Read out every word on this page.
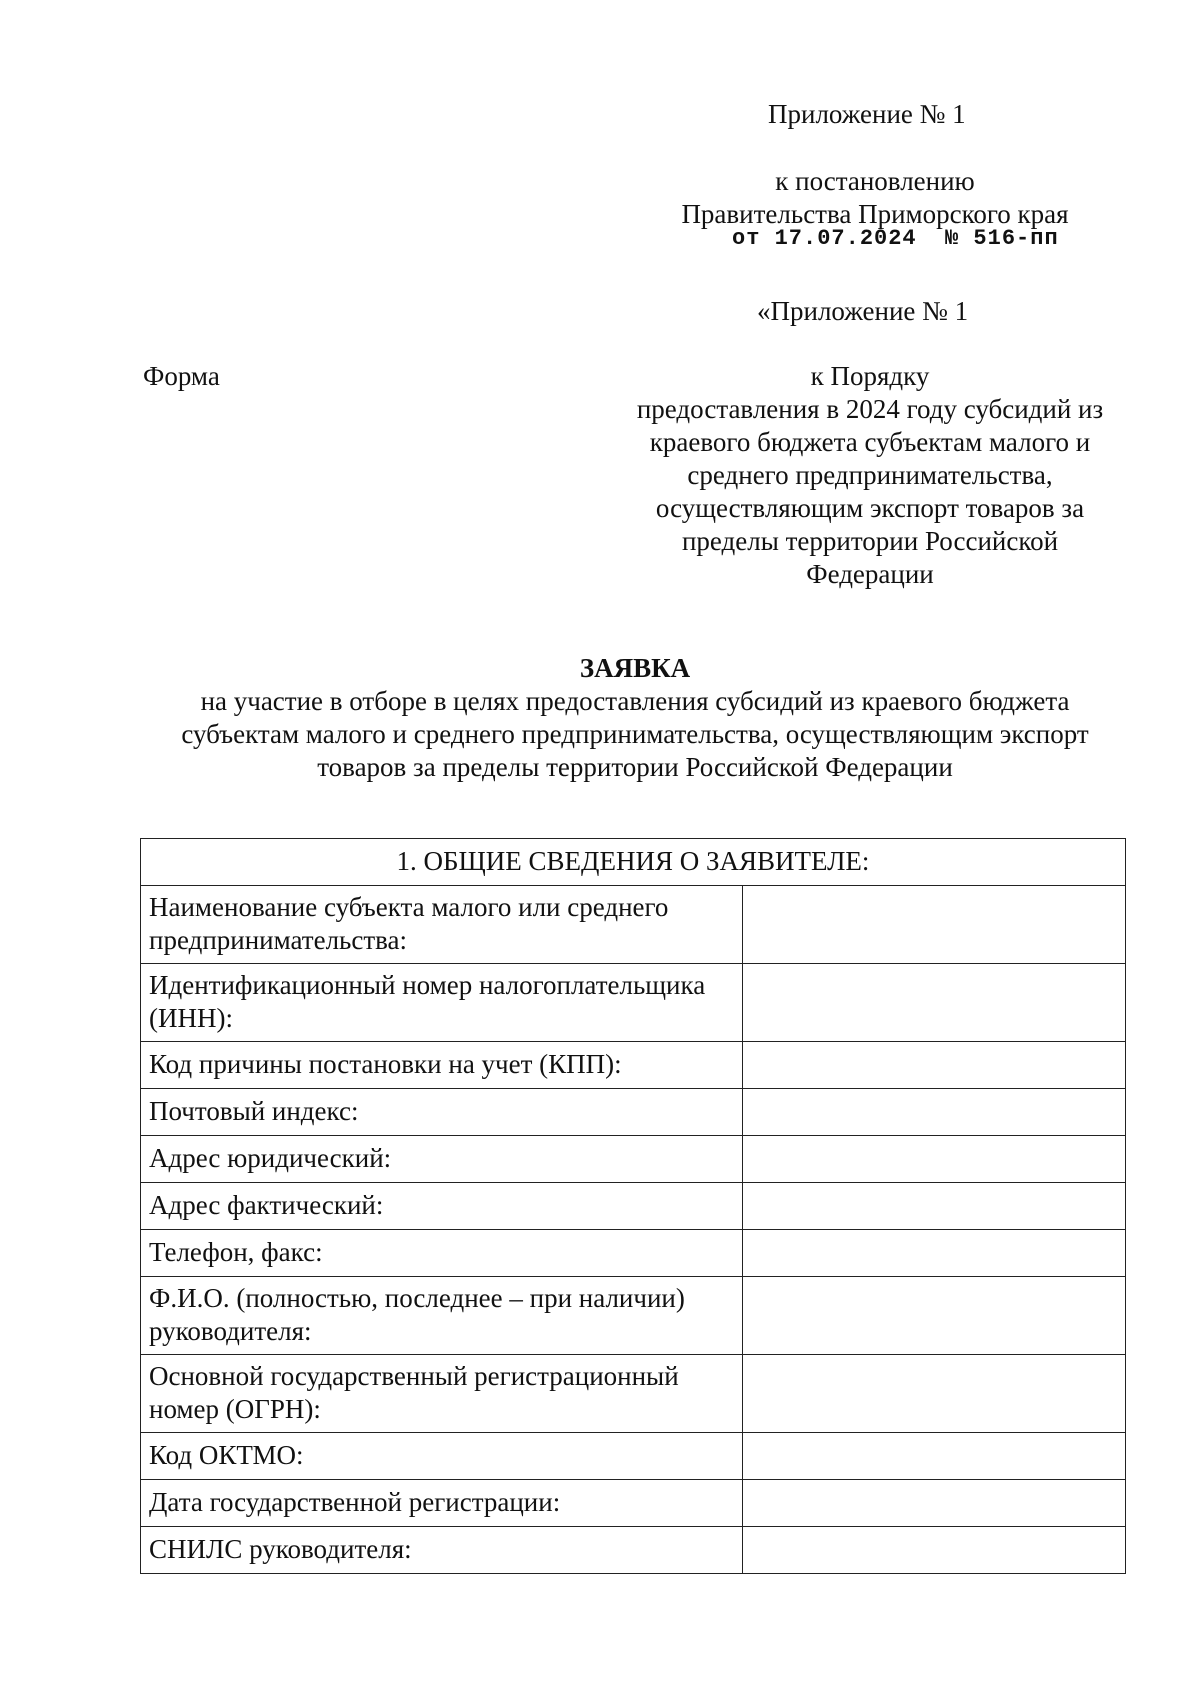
Приложение № 1
к постановлению
Правительства Приморского края
от 17.07.2024  № 516-пп
«Приложение № 1
Форма	к Порядку
предоставления в 2024 году субсидий из
краевого бюджета субъектам малого и
среднего предпринимательства,
осуществляющим экспорт товаров за
пределы территории Российской
Федерации
ЗАЯВКА
на участие в отборе в целях предоставления субсидий из краевого бюджета
субъектам малого и среднего предпринимательства, осуществляющим экспорт
товаров за пределы территории Российской Федерации
1. ОБЩИЕ СВЕДЕНИЯ О ЗАЯВИТЕЛЕ:	
Наименование субъекта малого или среднего предпринимательства:	
Идентификационный номер налогоплательщика (ИНН):	
Код причины постановки на учет (КПП):	
Почтовый индекс:	
Адрес юридический:	
Адрес фактический:	
Телефон, факс:	
Ф.И.О. (полностью, последнее – при наличии) руководителя:	
Основной государственный регистрационный номер (ОГРН):	
Код ОКТМО:	
Дата государственной регистрации:	
СНИЛС руководителя:	
